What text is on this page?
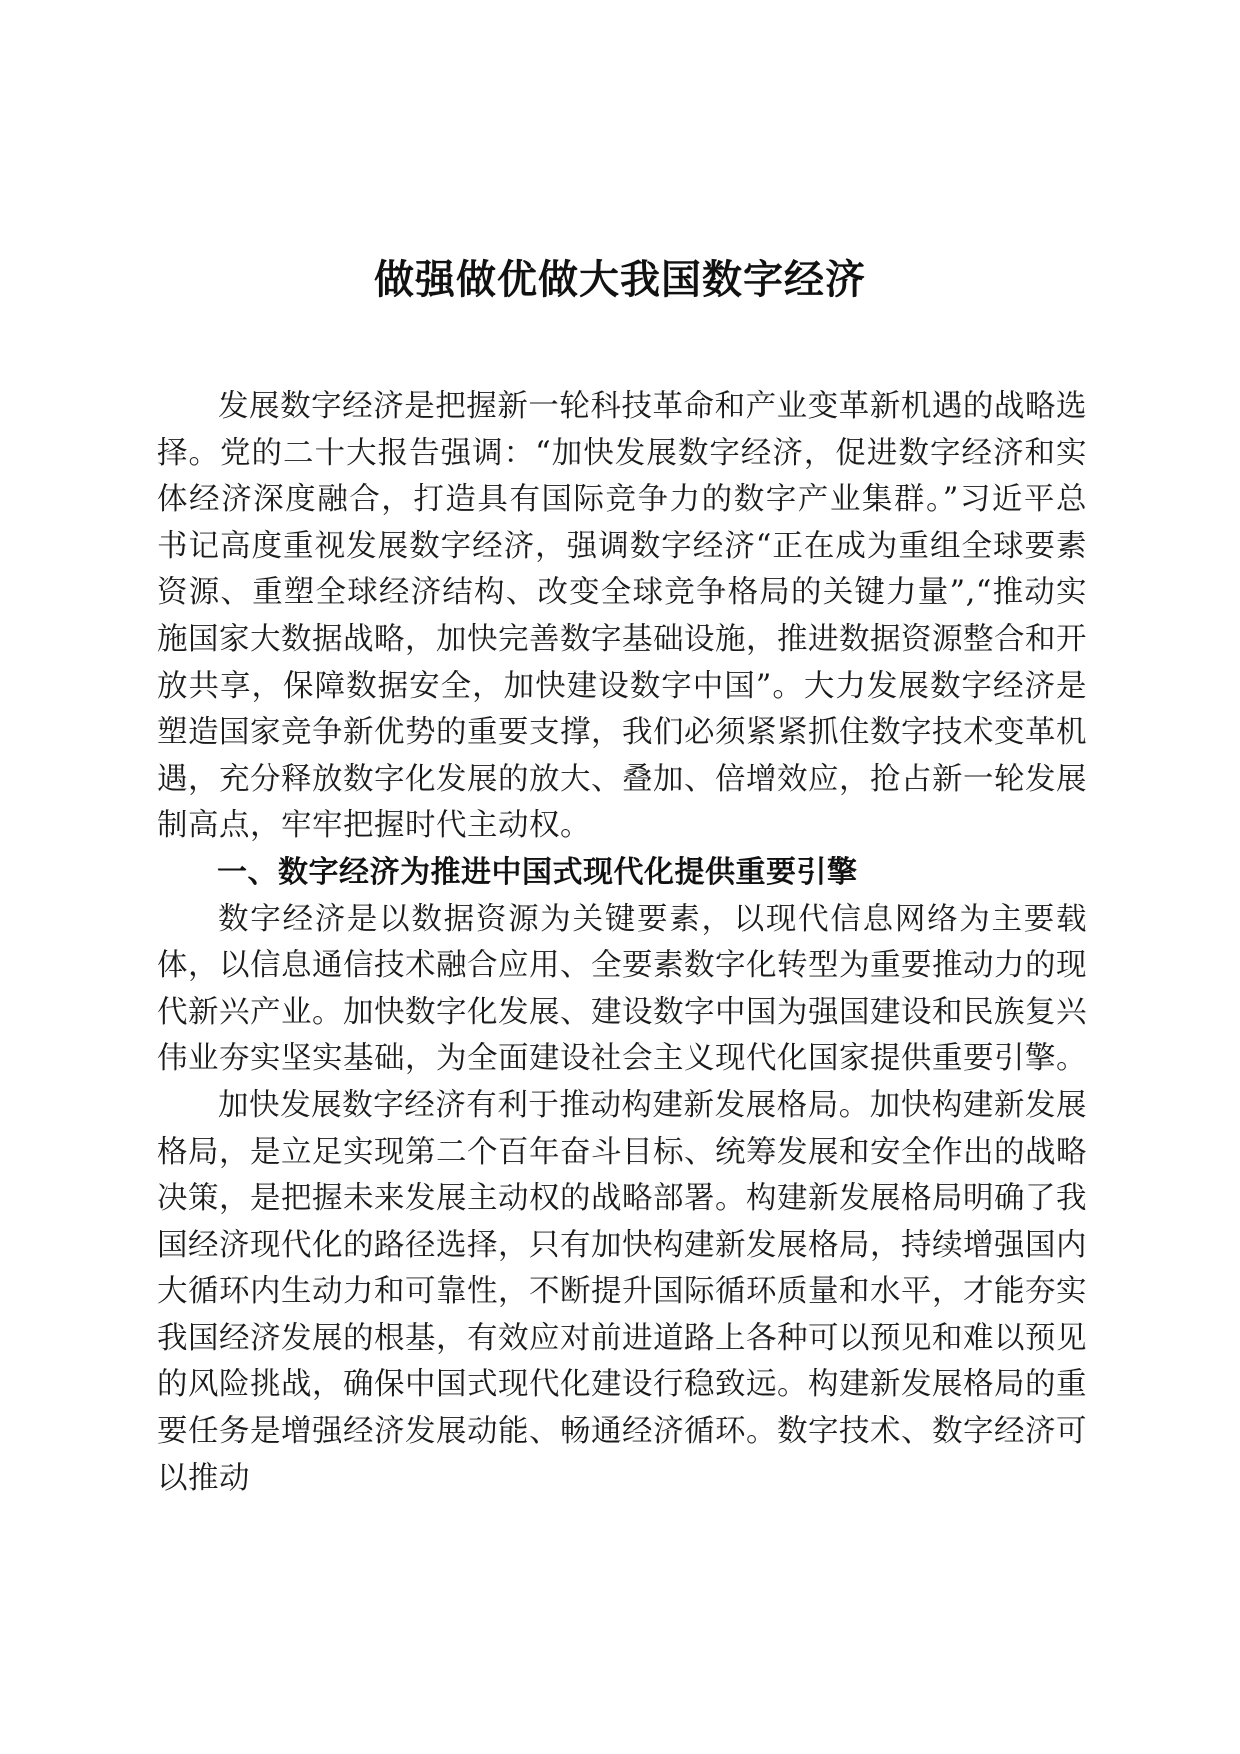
做强做优做大我国数字经济

发展数字经济是把握新一轮科技革命和产业变革新机遇的战略选择。党的二十大报告强调：“加快发展数字经济，促进数字经济和实体经济深度融合，打造具有国际竞争力的数字产业集群。”习近平总书记高度重视发展数字经济，强调数字经济“正在成为重组全球要素资源、重塑全球经济结构、改变全球竞争格局的关键力量”,“推动实施国家大数据战略，加快完善数字基础设施，推进数据资源整合和开放共享，保障数据安全，加快建设数字中国”。大力发展数字经济是塑造国家竞争新优势的重要支撑，我们必须紧紧抓住数字技术变革机遇，充分释放数字化发展的放大、叠加、倍增效应，抢占新一轮发展制高点，牢牢把握时代主动权。

一、数字经济为推进中国式现代化提供重要引擎

数字经济是以数据资源为关键要素，以现代信息网络为主要载体，以信息通信技术融合应用、全要素数字化转型为重要推动力的现代新兴产业。加快数字化发展、建设数字中国为强国建设和民族复兴伟业夯实坚实基础，为全面建设社会主义现代化国家提供重要引擎。

加快发展数字经济有利于推动构建新发展格局。加快构建新发展格局，是立足实现第二个百年奋斗目标、统筹发展和安全作出的战略决策，是把握未来发展主动权的战略部署。构建新发展格局明确了我国经济现代化的路径选择，只有加快构建新发展格局，持续增强国内大循环内生动力和可靠性，不断提升国际循环质量和水平，才能夯实我国经济发展的根基，有效应对前进道路上各种可以预见和难以预见的风险挑战，确保中国式现代化建设行稳致远。构建新发展格局的重要任务是增强经济发展动能、畅通经济循环。数字技术、数字经济可以推动
